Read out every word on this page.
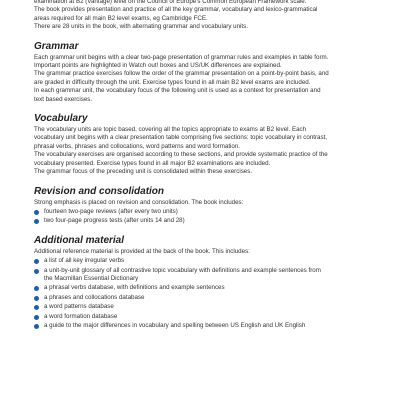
examination at B2 (Vantage) level on the Council of Europe's Common European Framework scale.

The book provides presentation and practice of all the key grammar, vocabulary and lexico-grammatical

areas required for all main B2 level exams, eg Cambridge FCE.

There are 28 units in the book, with alternating grammar and vocabulary units.

Grammar

Each grammar unit begins with a clear two-page presentation of grammar rules and examples in table form.

Important points are highlighted in Watch out! boxes and US/UK differences are explained.

The grammar practice exercises follow the order of the grammar presentation on a point-by-point basis, and

are graded in difficulty through the unit. Exercise types found in all main B2 level exams are included.

In each grammar unit, the vocabulary focus of the following unit is used as a context for presentation and

text based exercises.

Vocabulary

The vocabulary units are topic based, covering all the topics appropriate to exams at B2 level. Each

vocabulary unit begins with a clear presentation table comprising five sections: topic vocabulary in contrast,

phrasal verbs, phrases and collocations, word patterns and word formation.

The vocabulary exercises are organised according to these sections, and provide systematic practice of the

vocabulary presented. Exercise types found in all major B2 examinations are included.

The grammar focus of the preceding unit is consolidated within these exercises.

Revision and consolidation

Strong emphasis is placed on revision and consolidation. The book includes:

fourteen two-page reviews (after every two units)
two four-page progress tests (after units 14 and 28)
Additional material

Additional reference material is provided at the back of the book. This includes:

a list of all key irregular verbs
a unit-by-unit glossary of all contrastive topic vocabulary with definitions and example sentences from
the Macmillan Essential Dictionary
a phrasal verbs database, with definitions and example sentences
a phrases and collocations database
a word patterns database
a word formation database
a guide to the major differences in vocabulary and spelling between US English and UK English
